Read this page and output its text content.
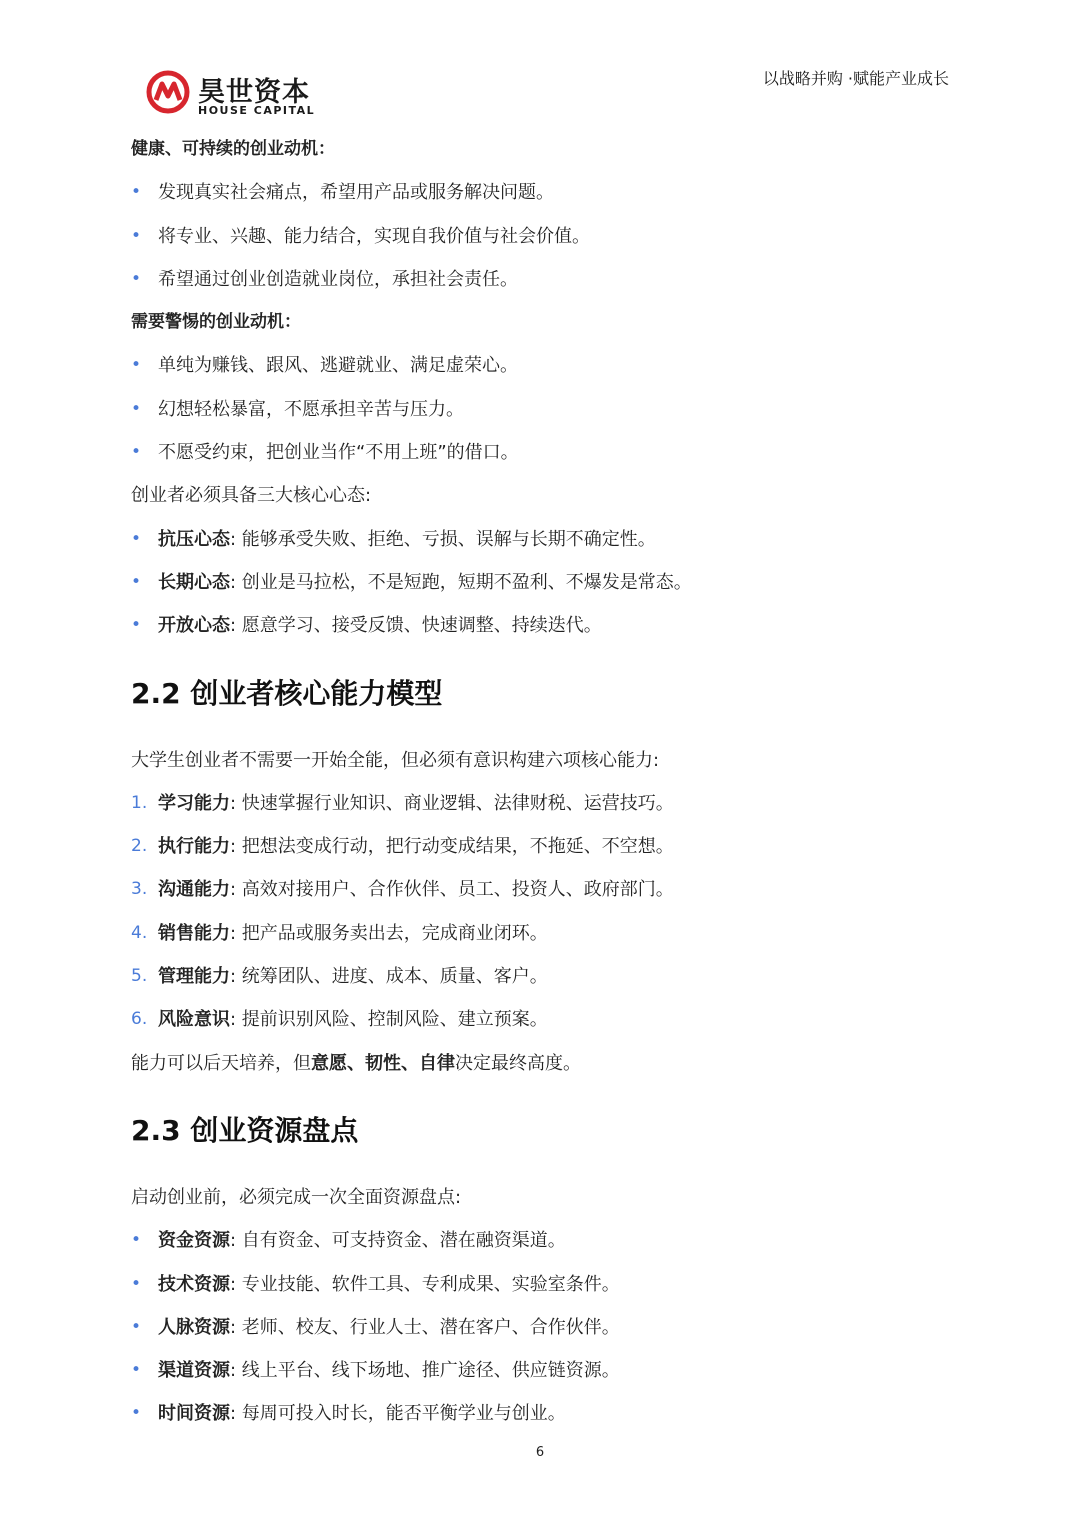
昊世资本
HOUSE CAPITAL
以战略并购 ·赋能产业成长
健康、可持续的创业动机：
• 发现真实社会痛点，希望用产品或服务解决问题。
• 将专业、兴趣、能力结合，实现自我价值与社会价值。
• 希望通过创业创造就业岗位，承担社会责任。
需要警惕的创业动机：
• 单纯为赚钱、跟风、逃避就业、满足虚荣心。
• 幻想轻松暴富，不愿承担辛苦与压力。
• 不愿受约束，把创业当作“不用上班”的借口。
创业者必须具备三大核心心态:
• 抗压心态: 能够承受失败、拒绝、亏损、误解与长期不确定性。
• 长期心态: 创业是马拉松，不是短跑，短期不盈利、不爆发是常态。
• 开放心态: 愿意学习、接受反馈、快速调整、持续迭代。
2.2 创业者核心能力模型
大学生创业者不需要一开始全能，但必须有意识构建六项核心能力:
1. 学习能力: 快速掌握行业知识、商业逻辑、法律财税、运营技巧。
2. 执行能力: 把想法变成行动，把行动变成结果，不拖延、不空想。
3. 沟通能力: 高效对接用户、合作伙伴、员工、投资人、政府部门。
4. 销售能力: 把产品或服务卖出去，完成商业闭环。
5. 管理能力: 统筹团队、进度、成本、质量、客户。
6. 风险意识: 提前识别风险、控制风险、建立预案。
能力可以后天培养，但意愿、韧性、自律决定最终高度。
2.3 创业资源盘点
启动创业前，必须完成一次全面资源盘点:
• 资金资源: 自有资金、可支持资金、潜在融资渠道。
• 技术资源: 专业技能、软件工具、专利成果、实验室条件。
• 人脉资源: 老师、校友、行业人士、潜在客户、合作伙伴。
• 渠道资源: 线上平台、线下场地、推广途径、供应链资源。
• 时间资源: 每周可投入时长，能否平衡学业与创业。
6
